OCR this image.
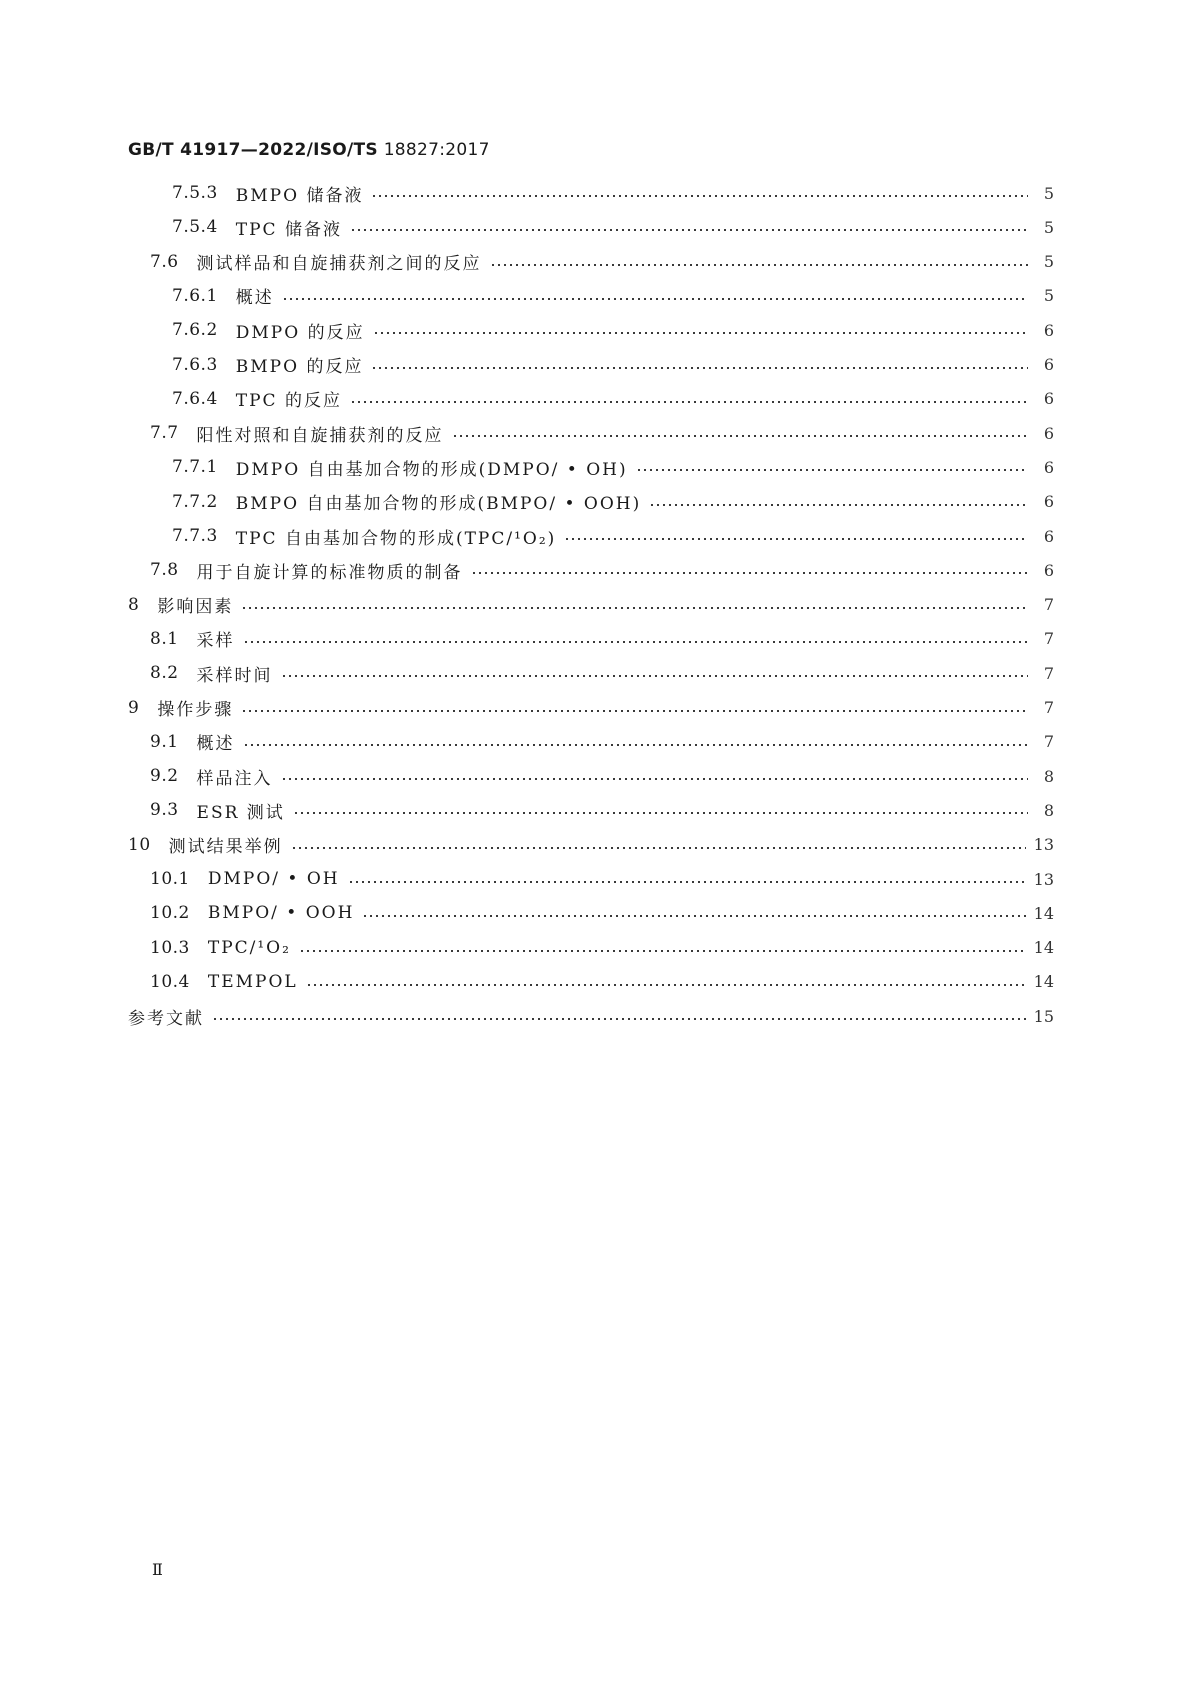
GB/T 41917—2022/ISO/TS 18827:2017
7.5.3 BMPO 储备液	5
7.5.4 TPC 储备液	5
7.6 测试样品和自旋捕获剂之间的反应	5
7.6.1 概述	5
7.6.2 DMPO 的反应	6
7.6.3 BMPO 的反应	6
7.6.4 TPC 的反应	6
7.7 阳性对照和自旋捕获剂的反应	6
7.7.1 DMPO 自由基加合物的形成(DMPO/ • OH)	6
7.7.2 BMPO 自由基加合物的形成(BMPO/ • OOH)	6
7.7.3 TPC 自由基加合物的形成(TPC/¹O₂)	6
7.8 用于自旋计算的标准物质的制备	6
8 影响因素	7
8.1 采样	7
8.2 采样时间	7
9 操作步骤	7
9.1 概述	7
9.2 样品注入	8
9.3 ESR 测试	8
10 测试结果举例	13
10.1 DMPO/ • OH	13
10.2 BMPO/ • OOH	14
10.3 TPC/¹O₂	14
10.4 TEMPOL	14
参考文献	15
Ⅱ
